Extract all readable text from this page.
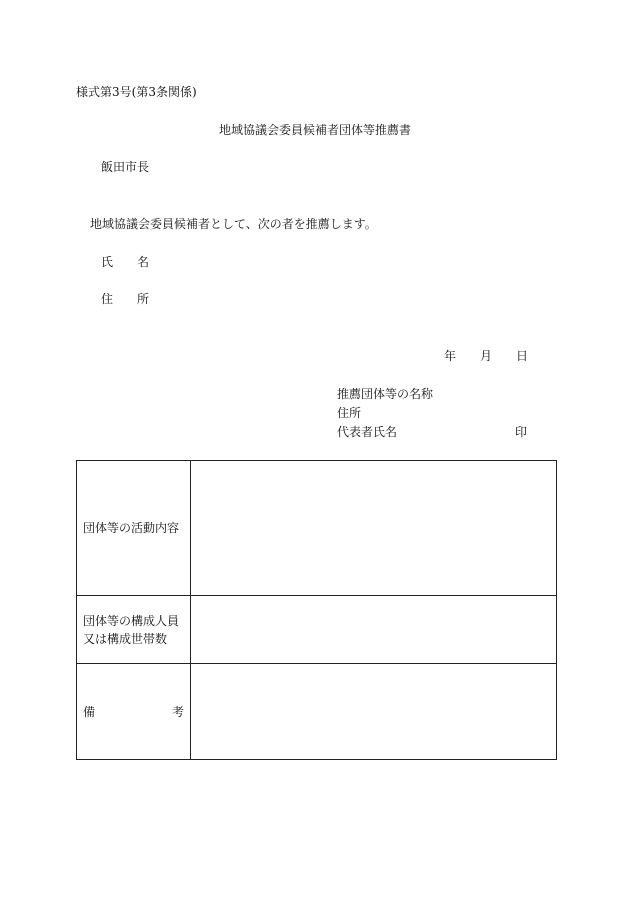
様式第3号(第3条関係)
地域協議会委員候補者団体等推薦書
飯田市長
地域協議会委員候補者として、次の者を推薦します。
氏 名
住 所
年 月 日
推薦団体等の名称
住所
代表者氏名	印
団体等の活動内容	

団体等の構成人員
又は構成世帯数	

備 考	
